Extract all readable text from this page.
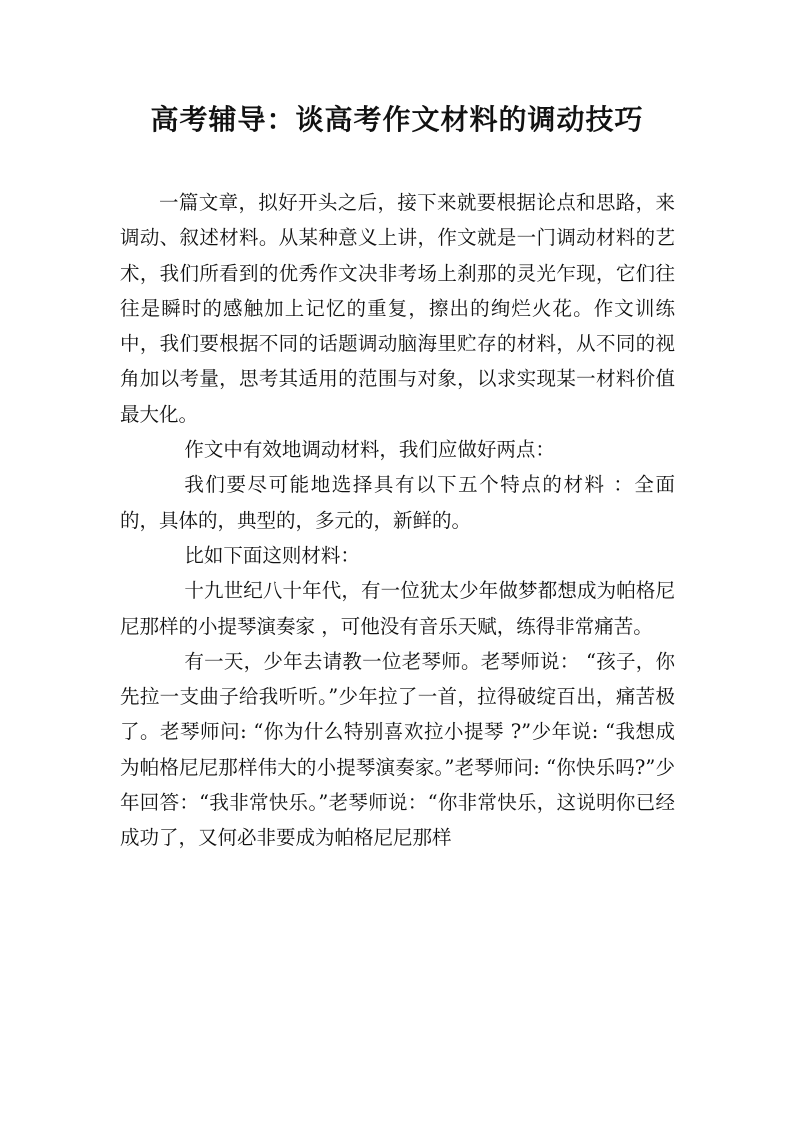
高考辅导：谈高考作文材料的调动技巧

一篇文章，拟好开头之后，接下来就要根据论点和思路，来调动、叙述材料。从某种意义上讲，作文就是一门调动材料的艺术，我们所看到的优秀作文决非考场上刹那的灵光乍现，它们往往是瞬时的感触加上记忆的重复，擦出的绚烂火花。作文训练中，我们要根据不同的话题调动脑海里贮存的材料，从不同的视角加以考量，思考其适用的范围与对象，以求实现某一材料价值最大化。

作文中有效地调动材料，我们应做好两点：

我们要尽可能地选择具有以下五个特点的材料 ：全面的，具体的，典型的，多元的，新鲜的。

比如下面这则材料：

十九世纪八十年代，有一位犹太少年做梦都想成为帕格尼尼那样的小提琴演奏家 ，可他没有音乐天赋，练得非常痛苦。

有一天，少年去请教一位老琴师。老琴师说： “孩子，你先拉一支曲子给我听听。”少年拉了一首，拉得破绽百出，痛苦极了。老琴师问: “你为什么特别喜欢拉小提琴 ?”少年说: “我想成为帕格尼尼那样伟大的小提琴演奏家。”老琴师问: “你快乐吗?”少年回答：“我非常快乐。”老琴师说：“你非常快乐，这说明你已经成功了，又何必非要成为帕格尼尼那样
